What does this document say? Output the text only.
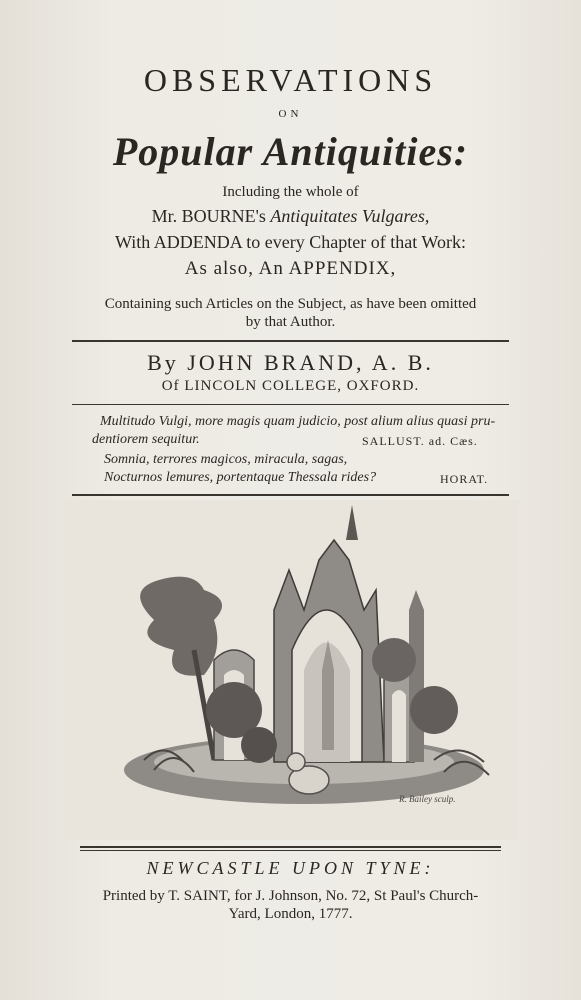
OBSERVATIONS
ON
Popular Antiquities:
Including the whole of
Mr. BOURNE's Antiquitates Vulgares,
With ADDENDA to every Chapter of that Work:
As also, An APPENDIX,
Containing such Articles on the Subject, as have been omitted
by that Author.
By JOHN BRAND, A. B.
Of LINCOLN COLLEGE, OXFORD.
Multitudo Vulgi, more magis quam judicio, post alium alius quasi pru-
dentiorem sequitur.	SALLUST. ad. Cæs.
Somnia, terrores magicos, miracula, sagas,
Nocturnos lemures, portentaque Thessala rides?	HORAT.
R. Bailey sculp.
NEWCASTLE UPON TYNE:
Printed by T. SAINT, for J. Johnson, No. 72, St Paul's Church-
Yard, London, 1777.
